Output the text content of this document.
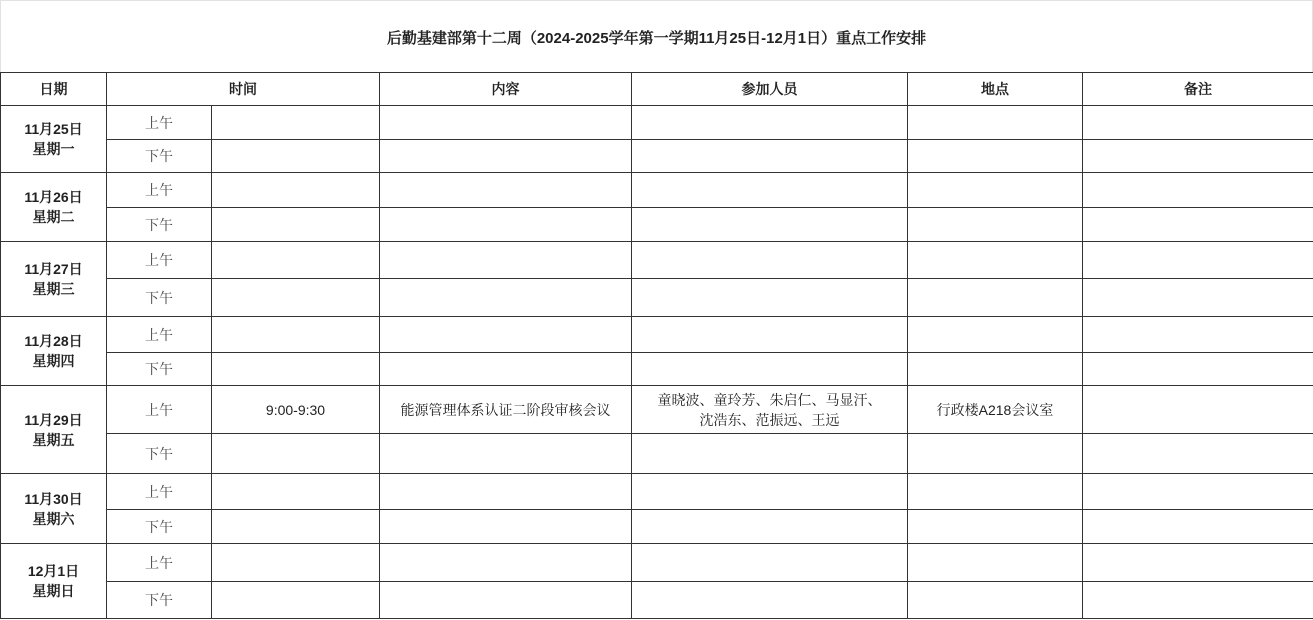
后勤基建部第十二周（2024-2025学年第一学期11月25日-12月1日）重点工作安排
日期	时间		内容	参加人员	地点	备注

11月25日
星期一	上午			

	下午					

11月26日
星期二	上午			

	下午					

11月27日
星期三	上午			

	下午					

11月28日
星期四	上午			

	下午					

11月29日
星期五	上午	9:00-9:30	能源管理体系认证二阶段审核会议	童晓波、童玲芳、朱启仁、马显汗、
沈浩东、范振远、王远	行政楼A218会议室	
	下午					

11月30日
星期六	上午			

	下午					

12月1日
星期日	上午			

	下午					
